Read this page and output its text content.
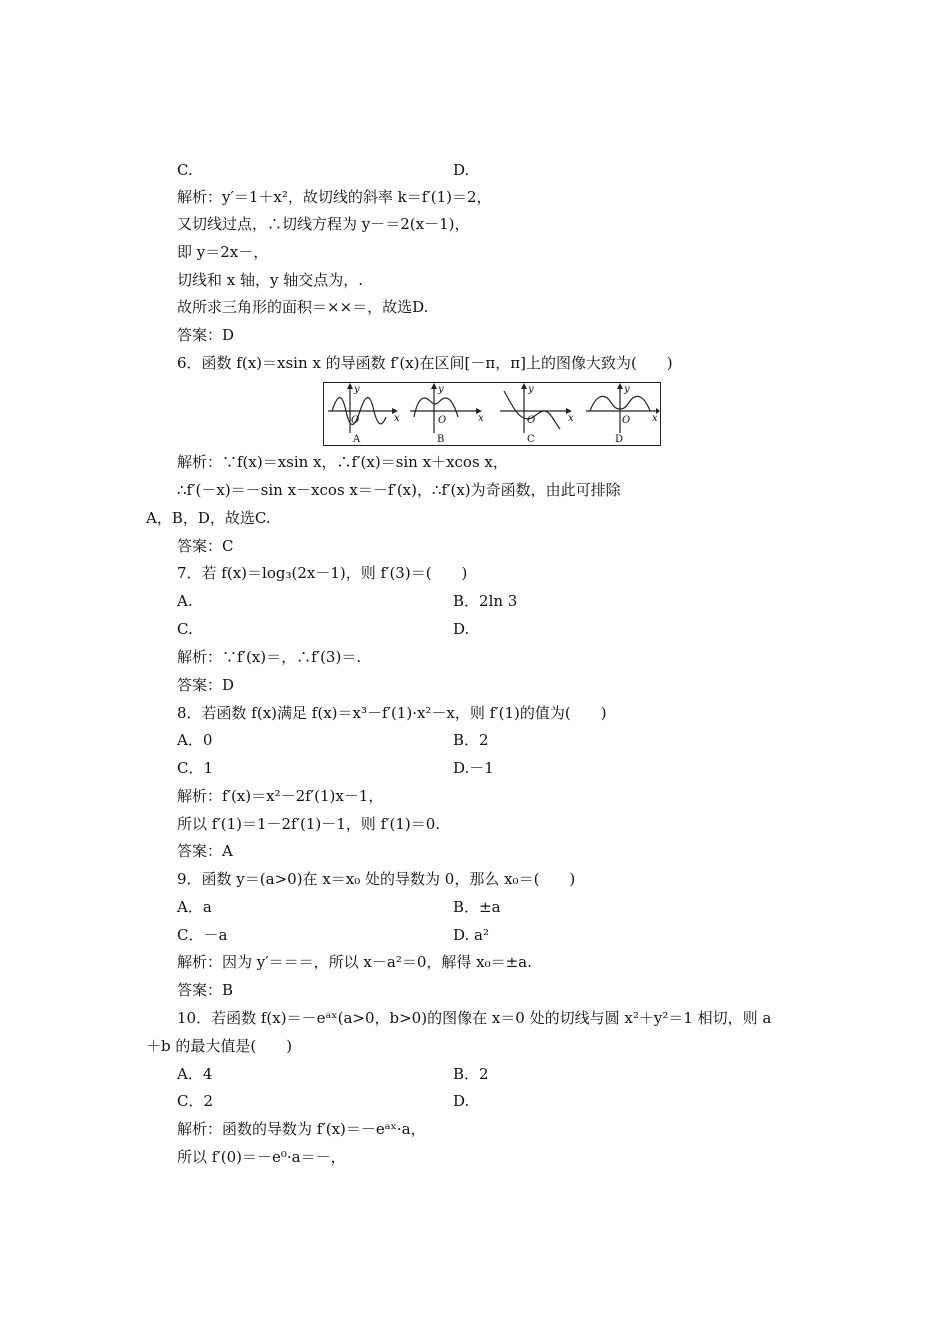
C.	D.
解析：y′＝1＋x²，故切线的斜率 k＝f′(1)＝2，
又切线过点，∴切线方程为 y－＝2(x－1)，
即 y＝2x－，
切线和 x 轴，y 轴交点为，.
故所求三角形的面积＝××＝，故选D.
答案：D
6．函数 f(x)＝xsin x 的导函数 f′(x)在区间[－π，π]上的图像大致为(　　)
y
x
O
y
x
O
y
x
O
y
x
O
A	B	C	D
解析：∵f(x)＝xsin x，∴f′(x)＝sin x＋xcos x，
∴f′(－x)＝－sin x－xcos x＝－f′(x)，∴f′(x)为奇函数，由此可排除
A，B，D，故选C.
答案：C
7．若 f(x)＝log₃(2x－1)，则 f′(3)＝(　　)
A.	B．2ln 3
C.	D.
解析：∵f′(x)＝，∴f′(3)＝.
答案：D
8．若函数 f(x)满足 f(x)＝x³－f′(1)·x²－x，则 f′(1)的值为(　　)
A．0	B．2
C．1	D.－1
解析：f′(x)＝x²－2f′(1)x－1，
所以 f′(1)＝1－2f′(1)－1，则 f′(1)＝0.
答案：A
9．函数 y＝(a>0)在 x＝x₀ 处的导数为 0，那么 x₀＝(　　)
A．a	B．±a
C．－a	D. a²
解析：因为 y′＝＝＝，所以 x－a²＝0，解得 x₀＝±a.
答案：B
10．若函数 f(x)＝－eᵃˣ(a>0，b>0)的图像在 x＝0 处的切线与圆 x²＋y²＝1 相切，则 a
＋b 的最大值是(　　)
A．4	B．2
C．2	D.
解析：函数的导数为 f′(x)＝－eᵃˣ·a，
所以 f′(0)＝－e⁰·a＝－，
